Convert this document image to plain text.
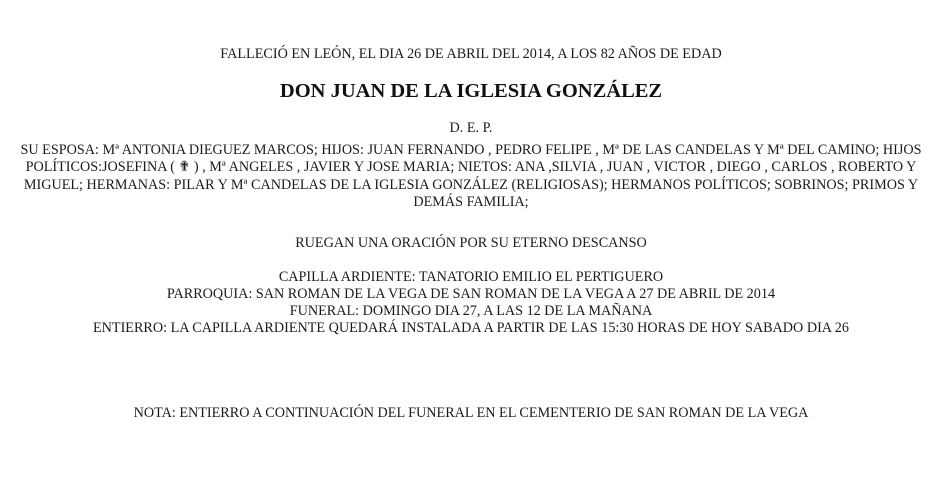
FALLECIÓ EN LEÓN, EL DIA 26 DE ABRIL DEL 2014, A LOS 82 AÑOS DE EDAD
DON JUAN DE LA IGLESIA GONZÁLEZ
D. E. P.
SU ESPOSA: Mª ANTONIA DIEGUEZ MARCOS; HIJOS: JUAN FERNANDO , PEDRO FELIPE , Mª DE LAS CANDELAS Y Mª DEL CAMINO; HIJOS POLÍTICOS:JOSEFINA ( ✟ ) , Mª ANGELES , JAVIER Y JOSE MARIA; NIETOS: ANA ,SILVIA , JUAN , VICTOR , DIEGO , CARLOS , ROBERTO Y MIGUEL; HERMANAS: PILAR Y Mª CANDELAS DE LA IGLESIA GONZÁLEZ (RELIGIOSAS); HERMANOS POLÍTICOS; SOBRINOS; PRIMOS Y DEMÁS FAMILIA;
RUEGAN UNA ORACIÓN POR SU ETERNO DESCANSO
CAPILLA ARDIENTE: TANATORIO EMILIO EL PERTIGUERO
PARROQUIA: SAN ROMAN DE LA VEGA DE SAN ROMAN DE LA VEGA A 27 DE ABRIL DE 2014
FUNERAL: DOMINGO DIA 27, A LAS 12 DE LA MAÑANA
ENTIERRO: LA CAPILLA ARDIENTE QUEDARÁ INSTALADA A PARTIR DE LAS 15:30 HORAS DE HOY SABADO DIA 26
NOTA: ENTIERRO A CONTINUACIÓN DEL FUNERAL EN EL CEMENTERIO DE SAN ROMAN DE LA VEGA
